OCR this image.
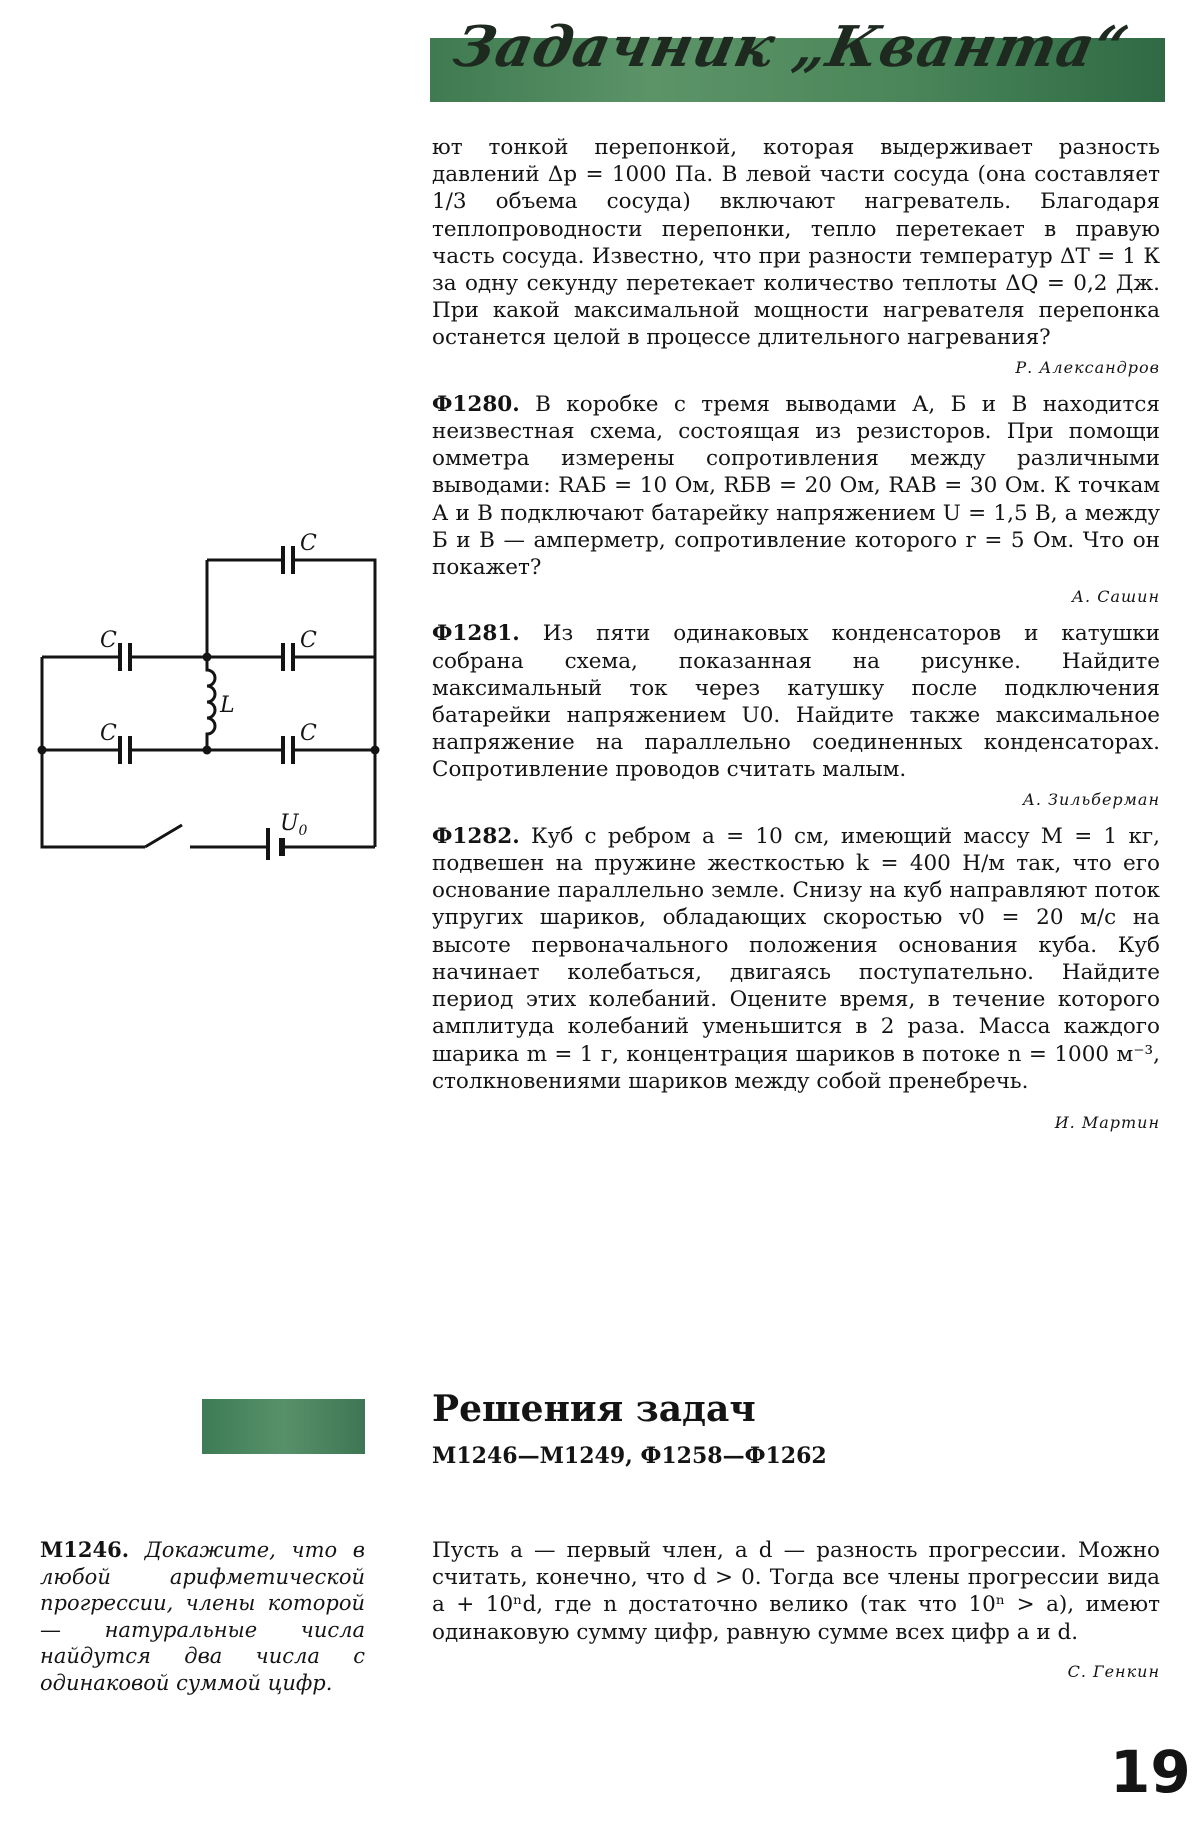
Задачник „Кванта“

ют тонкой перепонкой, которая выдерживает разность давлений Δp = 1000 Па. В левой части сосуда (она составляет 1/3 объема сосуда) включают нагреватель. Благодаря теплопроводности перепонки, тепло перетекает в правую часть сосуда. Известно, что при разности температур ΔT = 1 К за одну секунду перетекает количество теплоты ΔQ = 0,2 Дж. При какой максимальной мощности нагревателя перепонка останется целой в процессе длительного нагревания?

Р. Александров

Ф1280. В коробке с тремя выводами А, Б и В находится неизвестная схема, состоящая из резисторов. При помощи омметра измерены сопротивления между различными выводами: RАБ = 10 Ом, RБВ = 20 Ом, RАВ = 30 Ом. К точкам А и В подключают батарейку напряжением U = 1,5 В, а между Б и В — амперметр, сопротивление которого r = 5 Ом. Что он покажет?

А. Сашин

Ф1281. Из пяти одинаковых конденсаторов и катушки собрана схема, показанная на рисунке. Найдите максимальный ток через катушку после подключения батарейки напряжением U0. Найдите также максимальное напряжение на параллельно соединенных конденсаторах. Сопротивление проводов считать малым.

А. Зильберман

Ф1282. Куб с ребром a = 10 см, имеющий массу M = 1 кг, подвешен на пружине жесткостью k = 400 Н/м так, что его основание параллельно земле. Снизу на куб направляют поток упругих шариков, обладающих скоростью v0 = 20 м/с на высоте первоначального положения основания куба. Куб начинает колебаться, двигаясь поступательно. Найдите период этих колебаний. Оцените время, в течение которого амплитуда колебаний уменьшится в 2 раза. Масса каждого шарика m = 1 г, концентрация шариков в потоке n = 1000 м⁻³, столкновениями шариков между собой пренебречь.

И. Мартин
C
C	C
C	C
L
$U_0$
Решения задач
М1246—М1249, Ф1258—Ф1262
М1246. Докажите, что в любой арифметической прогрессии, члены которой — натуральные числа найдутся два числа с одинаковой суммой цифр.

Пусть a — первый член, а d — разность прогрессии. Можно считать, конечно, что d > 0. Тогда все члены прогрессии вида a + 10ⁿd, где n достаточно велико (так что 10ⁿ > a), имеют одинаковую сумму цифр, равную сумме всех цифр a и d.

С. Генкин
19
